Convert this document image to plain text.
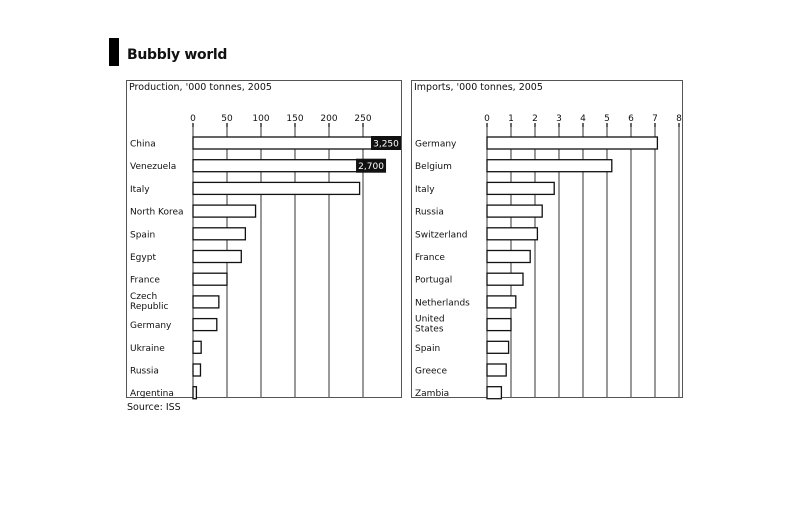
Bubbly world
Production, '000 tonnes, 2005
0	50 100 150 200 250
China	3,250
Venezuela	2,700
Italy
North Korea
Spain
Egypt
France
Czech Republic
Germany
Ukraine
Russia
Argentina
Imports, '000 tonnes, 2005
0 1 2 3 4 5 6 7 8
Germany
Belgium
Italy
Russia
Switzerland
France
Portugal
Netherlands
United States
Spain
Greece
Zambia
Source: ISS
